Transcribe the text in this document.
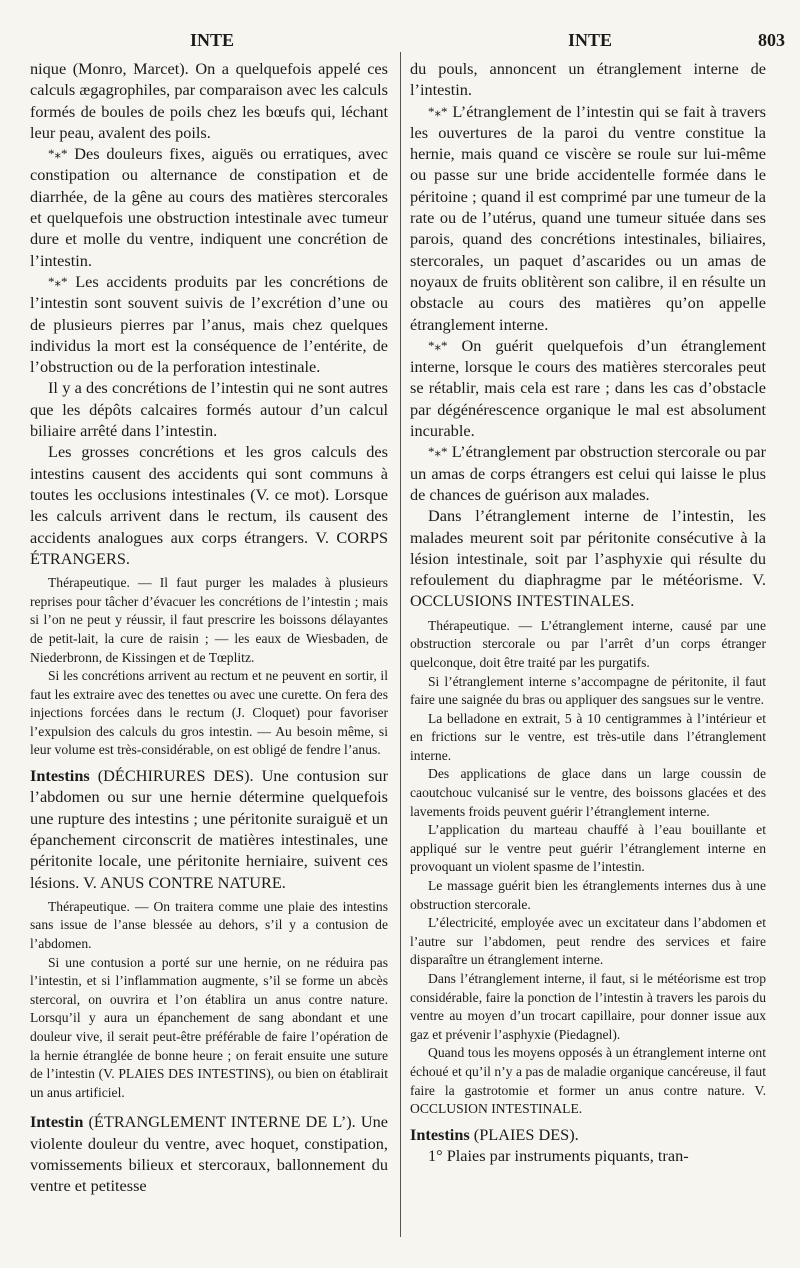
INTE	INTE	803

nique (Monro, Marcet). On a quelquefois appelé ces calculs ægagrophiles, par comparaison avec les calculs formés de boules de poils chez les bœufs qui, léchant leur peau, avalent des poils.

*⁎* Des douleurs fixes, aiguës ou erratiques, avec constipation ou alternance de constipation et de diarrhée, de la gêne au cours des matières stercorales et quelquefois une obstruction intestinale avec tumeur dure et molle du ventre, indiquent une concrétion de l’intestin.

*⁎* Les accidents produits par les concrétions de l’intestin sont souvent suivis de l’excrétion d’une ou de plusieurs pierres par l’anus, mais chez quelques individus la mort est la conséquence de l’entérite, de l’obstruction ou de la perforation intestinale.

Il y a des concrétions de l’intestin qui ne sont autres que les dépôts calcaires formés autour d’un calcul biliaire arrêté dans l’intestin.

Les grosses concrétions et les gros calculs des intestins causent des accidents qui sont communs à toutes les occlusions intestinales (V. ce mot). Lorsque les calculs arrivent dans le rectum, ils causent des accidents analogues aux corps étrangers. V. CORPS ÉTRANGERS.

Thérapeutique. — Il faut purger les malades à plusieurs reprises pour tâcher d’évacuer les concrétions de l’intestin ; mais si l’on ne peut y réussir, il faut prescrire les boissons délayantes de petit-lait, la cure de raisin ; — les eaux de Wiesbaden, de Niederbronn, de Kissingen et de Tœplitz.

Si les concrétions arrivent au rectum et ne peuvent en sortir, il faut les extraire avec des tenettes ou avec une curette. On fera des injections forcées dans le rectum (J. Cloquet) pour favoriser l’expulsion des calculs du gros intestin. — Au besoin même, si leur volume est très-considérable, on est obligé de fendre l’anus.

Intestins (DÉCHIRURES DES). Une contusion sur l’abdomen ou sur une hernie détermine quelquefois une rupture des intestins ; une péritonite suraiguë et un épanchement circonscrit de matières intestinales, une péritonite locale, une péritonite herniaire, suivent ces lésions. V. ANUS CONTRE NATURE.

Thérapeutique. — On traitera comme une plaie des intestins sans issue de l’anse blessée au dehors, s’il y a contusion de l’abdomen.

Si une contusion a porté sur une hernie, on ne réduira pas l’intestin, et si l’inflammation augmente, s’il se forme un abcès stercoral, on ouvrira et l’on établira un anus contre nature. Lorsqu’il y aura un épanchement de sang abondant et une douleur vive, il serait peut-être préférable de faire l’opération de la hernie étranglée de bonne heure ; on ferait ensuite une suture de l’intestin (V. PLAIES DES INTESTINS), ou bien on établirait un anus artificiel.

Intestin (ÉTRANGLEMENT INTERNE DE L’). Une violente douleur du ventre, avec hoquet, constipation, vomissements bilieux et stercoraux, ballonnement du ventre et petitesse

du pouls, annoncent un étranglement interne de l’intestin.

*⁎* L’étranglement de l’intestin qui se fait à travers les ouvertures de la paroi du ventre constitue la hernie, mais quand ce viscère se roule sur lui-même ou passe sur une bride accidentelle formée dans le péritoine ; quand il est comprimé par une tumeur de la rate ou de l’utérus, quand une tumeur située dans ses parois, quand des concrétions intestinales, biliaires, stercorales, un paquet d’ascarides ou un amas de noyaux de fruits oblitèrent son calibre, il en résulte un obstacle au cours des matières qu’on appelle étranglement interne.

*⁎* On guérit quelquefois d’un étranglement interne, lorsque le cours des matières stercorales peut se rétablir, mais cela est rare ; dans les cas d’obstacle par dégénérescence organique le mal est absolument incurable.

*⁎* L’étranglement par obstruction stercorale ou par un amas de corps étrangers est celui qui laisse le plus de chances de guérison aux malades.

Dans l’étranglement interne de l’intestin, les malades meurent soit par péritonite consécutive à la lésion intestinale, soit par l’asphyxie qui résulte du refoulement du diaphragme par le météorisme. V. OCCLUSIONS INTESTINALES.

Thérapeutique. — L’étranglement interne, causé par une obstruction stercorale ou par l’arrêt d’un corps étranger quelconque, doit être traité par les purgatifs.

Si l’étranglement interne s’accompagne de péritonite, il faut faire une saignée du bras ou appliquer des sangsues sur le ventre.

La belladone en extrait, 5 à 10 centigrammes à l’intérieur et en frictions sur le ventre, est très-utile dans l’étranglement interne.

Des applications de glace dans un large coussin de caoutchouc vulcanisé sur le ventre, des boissons glacées et des lavements froids peuvent guérir l’étranglement interne.

L’application du marteau chauffé à l’eau bouillante et appliqué sur le ventre peut guérir l’étranglement interne en provoquant un violent spasme de l’intestin.

Le massage guérit bien les étranglements internes dus à une obstruction stercorale.

L’électricité, employée avec un excitateur dans l’abdomen et l’autre sur l’abdomen, peut rendre des services et faire disparaître un étranglement interne.

Dans l’étranglement interne, il faut, si le météorisme est trop considérable, faire la ponction de l’intestin à travers les parois du ventre au moyen d’un trocart capillaire, pour donner issue aux gaz et prévenir l’asphyxie (Piedagnel).

Quand tous les moyens opposés à un étranglement interne ont échoué et qu’il n’y a pas de maladie organique cancéreuse, il faut faire la gastrotomie et former un anus contre nature. V. OCCLUSION INTESTINALE.

Intestins (PLAIES DES).

1° Plaies par instruments piquants, tran-
